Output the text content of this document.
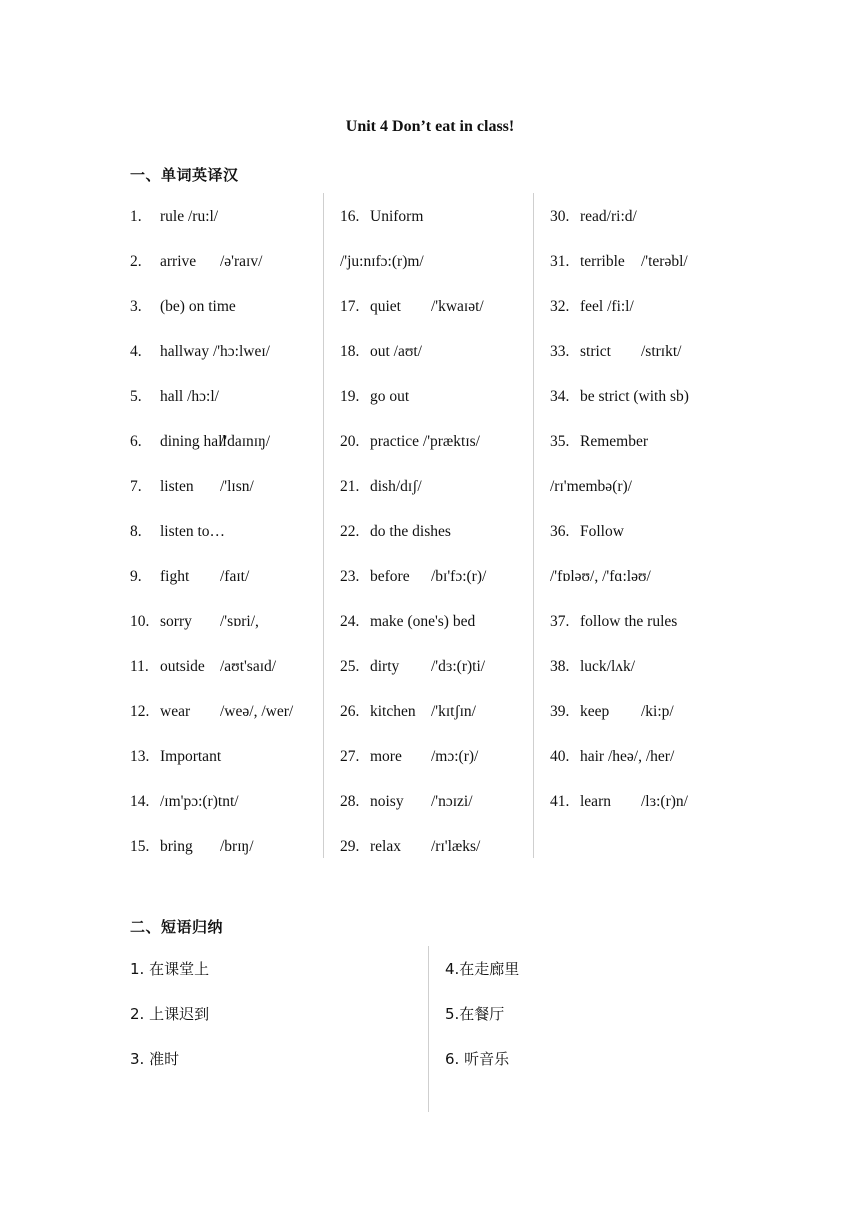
Unit 4 Don’t eat in class!
一、单词英译汉
1. rule /ru:l/
2. arrive /ə'raɪv/
3. (be) on time
4. hallway /'hɔ:lweɪ/
5. hall /hɔ:l/
6. dining hall
/'daɪnɪŋ/
7. listen /'lɪsn/
8. listen to…
9. fight /faɪt/
10. sorry /'sɒri/,
11. outside /aʊt'saɪd/
12. wear /weə/, /wer/
13. Important
14. /ɪm'pɔ:(r)tnt/
15. bring /brɪŋ/
16. Uniform
/'ju:nɪfɔ:(r)m/
17. quiet /'kwaɪət/
18. out /aʊt/
19. go out
20. practice /'præktɪs/
21. dish/dɪʃ/
22. do the dishes
23. before /bɪ'fɔ:(r)/
24. make (one's) bed
25. dirty /'dɜ:(r)ti/
26. kitchen /'kɪtʃɪn/
27. more /mɔ:(r)/
28. noisy /'nɔɪzi/
29. relax /rɪ'læks/
30. read/ri:d/
31. terrible /'terəbl/
32. feel /fi:l/
33. strict /strɪkt/
34. be strict (with sb)
35. Remember
/rɪ'membə(r)/
36. Follow
/'fɒləʊ/, /'fɑ:ləʊ/
37. follow the rules
38. luck/lʌk/
39. keep /ki:p/
40. hair /heə/, /her/
41. learn /lɜ:(r)n/
二、短语归纳
1. 在课堂上
2. 上课迟到
3. 准时
4.在走廊里
5.在餐厅
6. 听音乐
